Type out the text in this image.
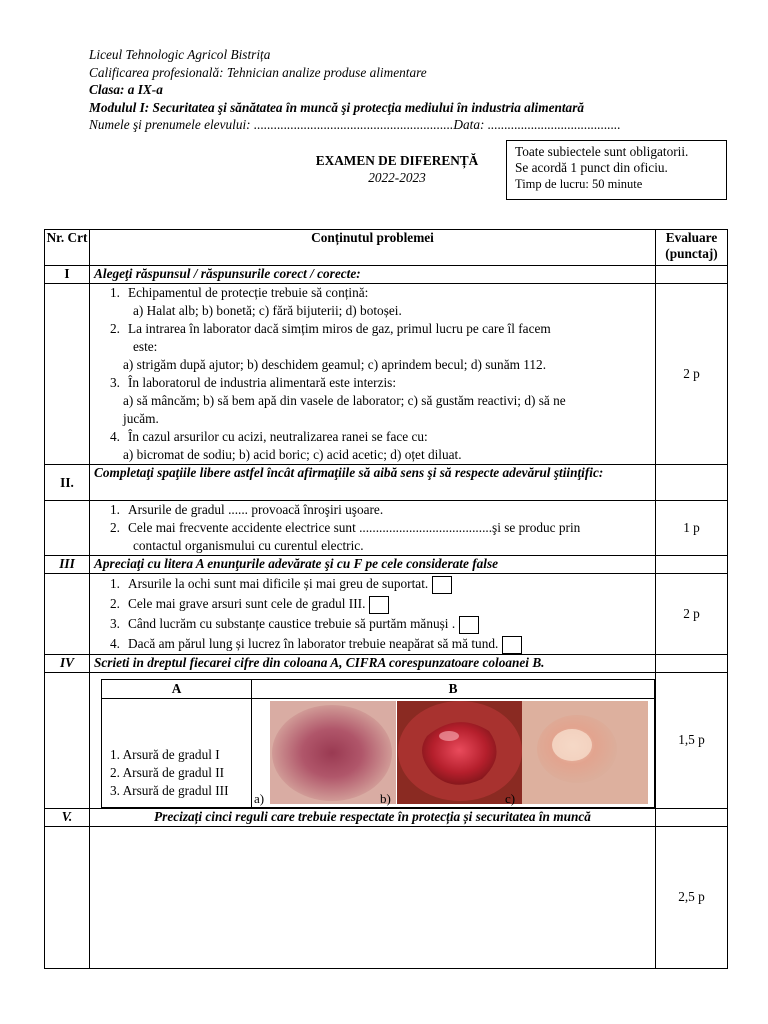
Liceul Tehnologic Agricol Bistrița
Calificarea profesională: Tehnician analize produse alimentare
Clasa: a IX-a
Modulul I: Securitatea şi sănătatea în muncă şi protecţia mediului în industria alimentară
Numele şi prenumele elevului: ............................................................Data: ........................................
EXAMEN DE DIFERENȚĂ
2022-2023
Toate subiectele sunt obligatorii.
Se acordă 1 punct din oficiu.
Timp de lucru: 50 minute
Nr. Crt	Conținutul problemei	Evaluare (punctaj)
I	Alegeţi răspunsul / răspunsurile corect / corecte:	

1. Echipamentul de protecție trebuie să conțină:
a) Halat alb; b) bonetă; c) fără bijuterii; d) botoșei.
2. La intrarea în laborator dacă simțim miros de gaz, primul lucru pe care îl facem
este:
a) strigăm după ajutor; b) deschidem geamul; c) aprindem becul; d) sunăm 112.
3. În laboratorul de industria alimentară este interzis:
a) să mâncăm; b) să bem apă din vasele de laborator; c) să gustăm reactivi; d) să ne
jucăm.
4. În cazul arsurilor cu acizi, neutralizarea ranei se face cu:
a) bicromat de sodiu; b) acid boric; c) acid acetic; d) oțet diluat.
	2 p
II.	Completaţi spaţiile libere astfel încât afirmaţiile să aibă sens şi să respecte adevărul ştiinţific:	

1. Arsurile de gradul ...... provoacă înroşiri uşoare.
2. Cele mai frecvente accidente electrice sunt ........................................şi se produc prin
contactul organismului cu curentul electric.
	1 p
III	Apreciaţi cu litera A enunţurile adevărate şi cu F pe cele considerate false	

1. Arsurile la ochi sunt mai dificile și mai greu de suportat.
2. Cele mai grave arsuri sunt cele de gradul III.
3. Când lucrăm cu substanțe caustice trebuie să purtăm mănuși .
4. Dacă am părul lung și lucrez în laborator trebuie neapărat să mă tund.
	2 p
IV	Scrieti in dreptul fiecarei cifre din coloana A, CIFRA corespunzatoare coloanei B.	

A	B

1. Arsură de gradul I
2. Arsură de gradul II
3. Arsură de gradul III

a)	b)	c)
	1,5 p
V.	Precizați cinci reguli care trebuie respectate în protecția și securitatea în muncă	
		2,5 p
